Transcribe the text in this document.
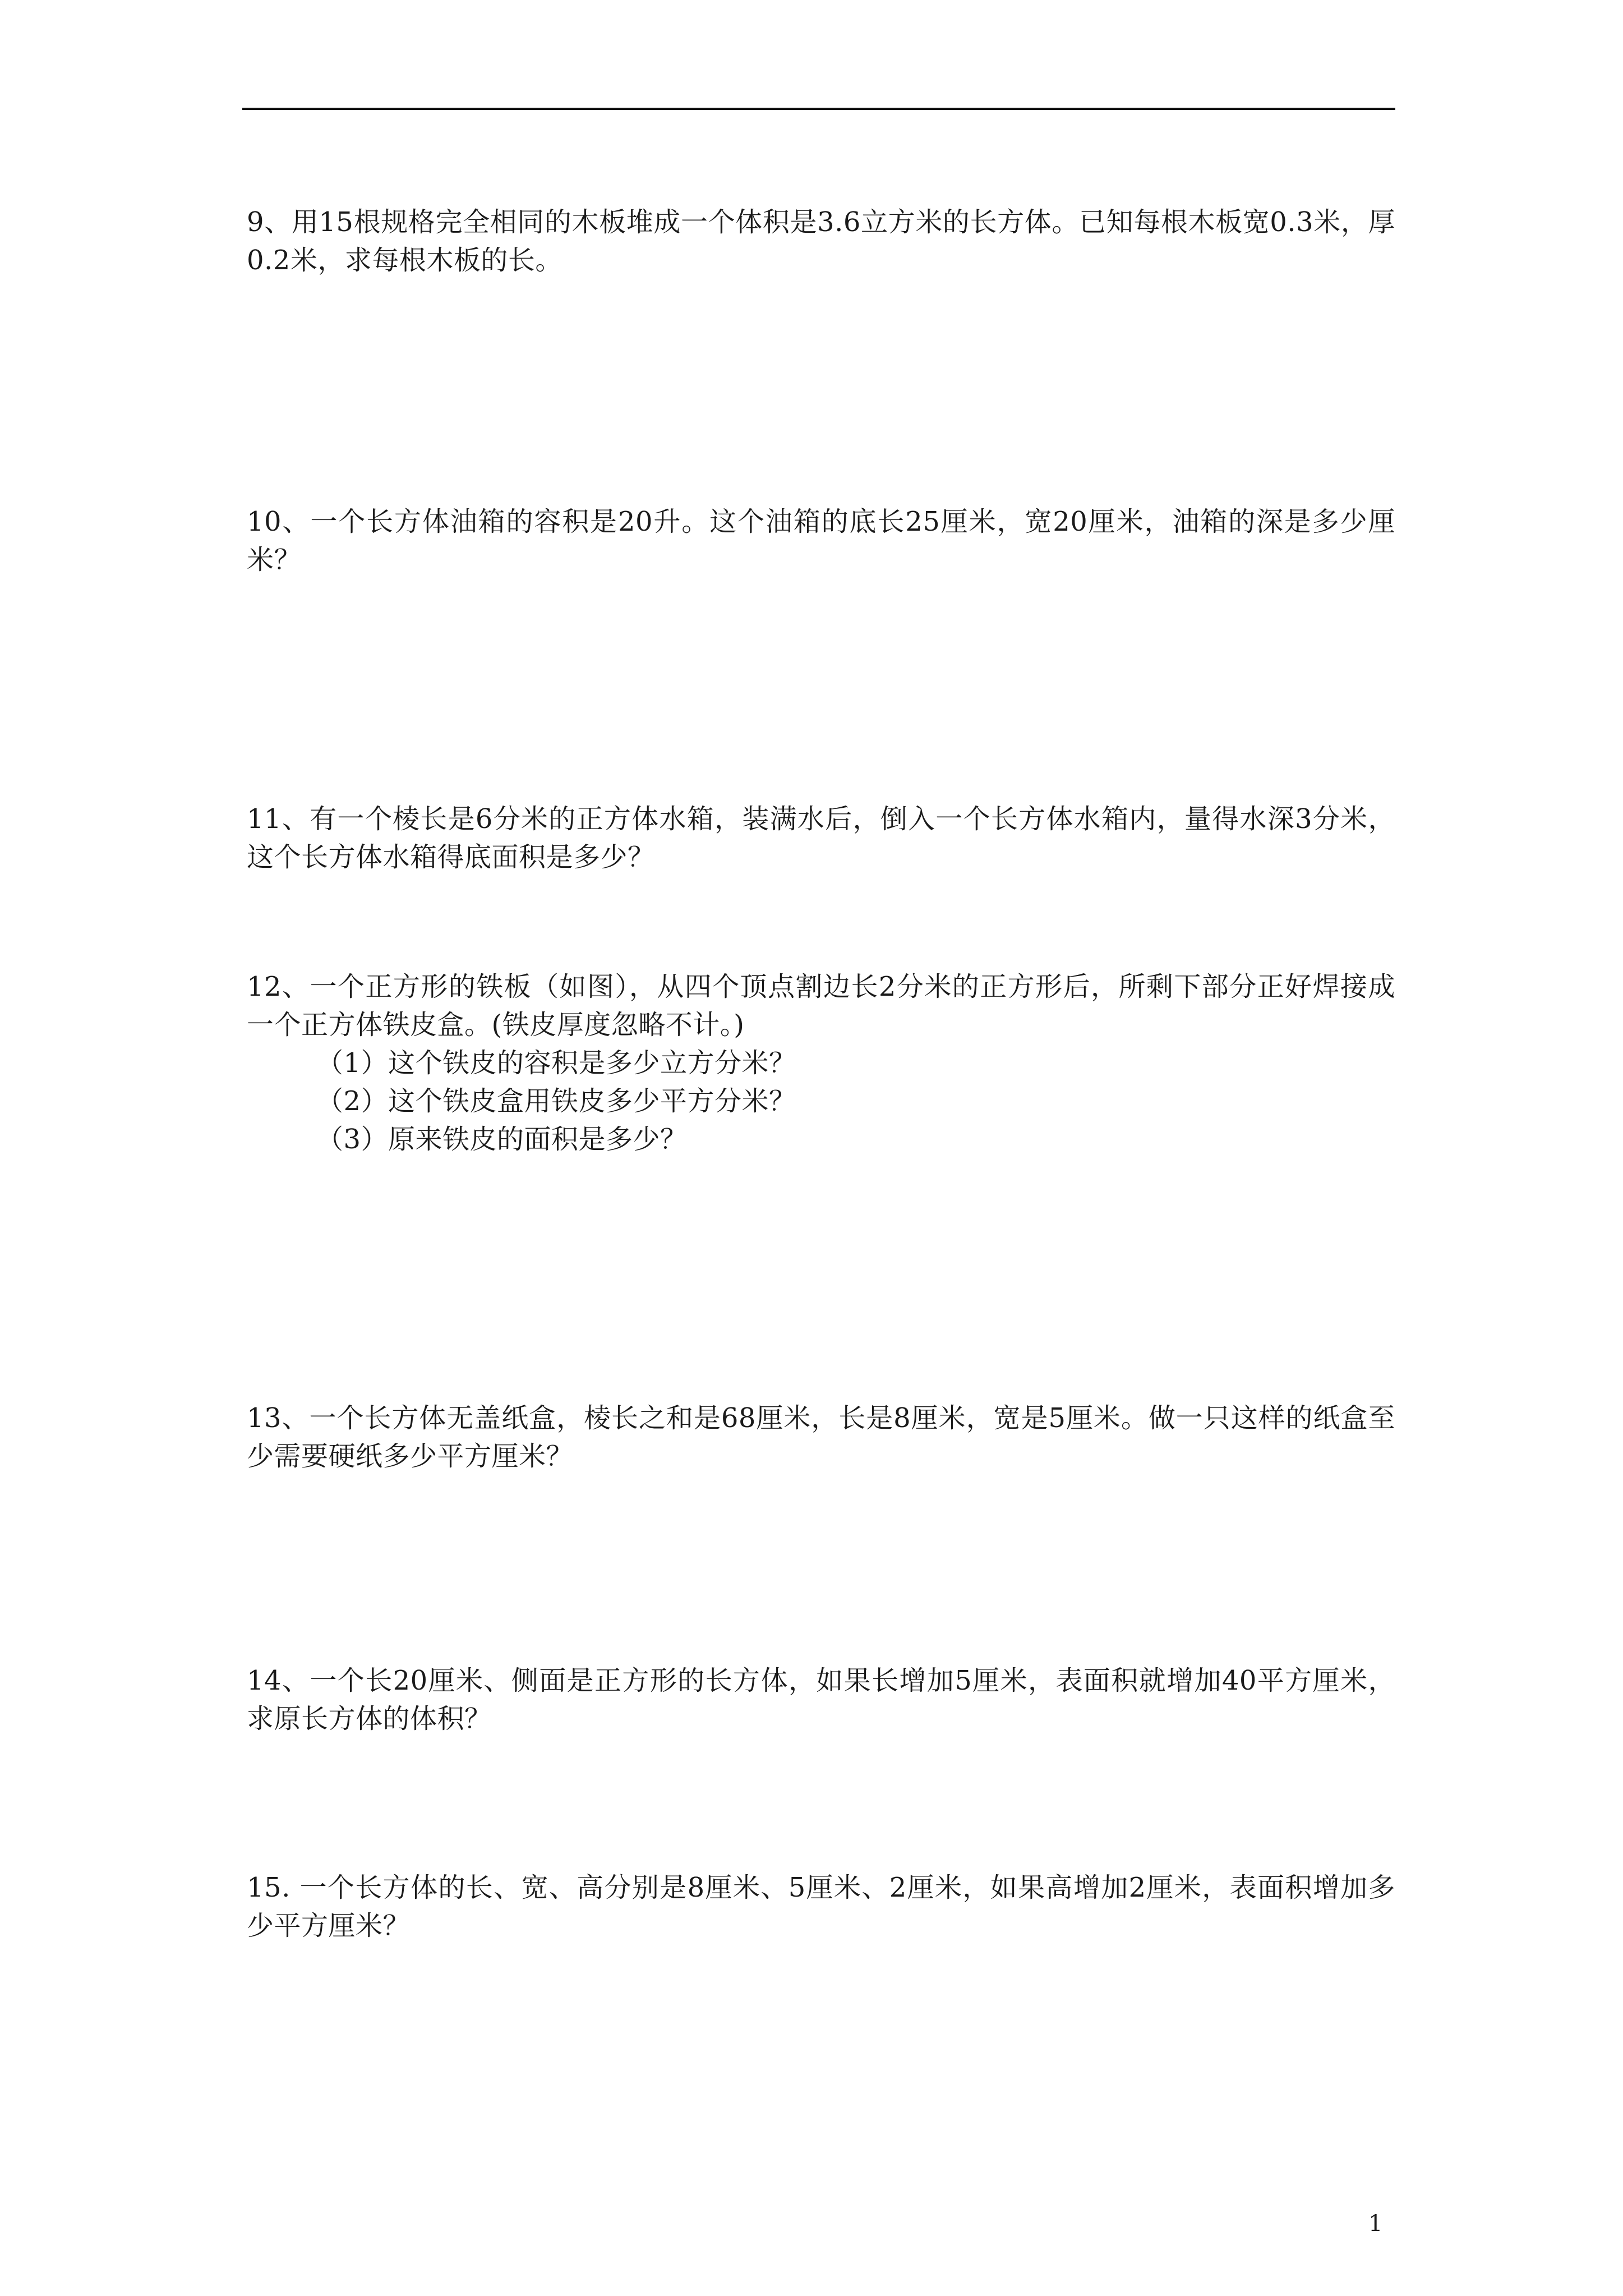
9、用15根规格完全相同的木板堆成一个体积是3.6立方米的长方体。已知每根木板宽0.3米，厚0.2米，求每根木板的长。

10、一个长方体油箱的容积是20升。这个油箱的底长25厘米，宽20厘米，油箱的深是多少厘米？

11、有一个棱长是6分米的正方体水箱，装满水后，倒入一个长方体水箱内，量得水深3分米，这个长方体水箱得底面积是多少？

12、一个正方形的铁板（如图），从四个顶点割边长2分米的正方形后，所剩下部分正好焊接成一个正方体铁皮盒。(铁皮厚度忽略不计。)

（1）这个铁皮的容积是多少立方分米？

（2）这个铁皮盒用铁皮多少平方分米？

（3）原来铁皮的面积是多少？

13、一个长方体无盖纸盒，棱长之和是68厘米，长是8厘米，宽是5厘米。做一只这样的纸盒至少需要硬纸多少平方厘米？

14、一个长20厘米、侧面是正方形的长方体，如果长增加5厘米，表面积就增加40平方厘米，求原长方体的体积？

15. 一个长方体的长、宽、高分别是8厘米、5厘米、2厘米，如果高增加2厘米，表面积增加多少平方厘米？

1
